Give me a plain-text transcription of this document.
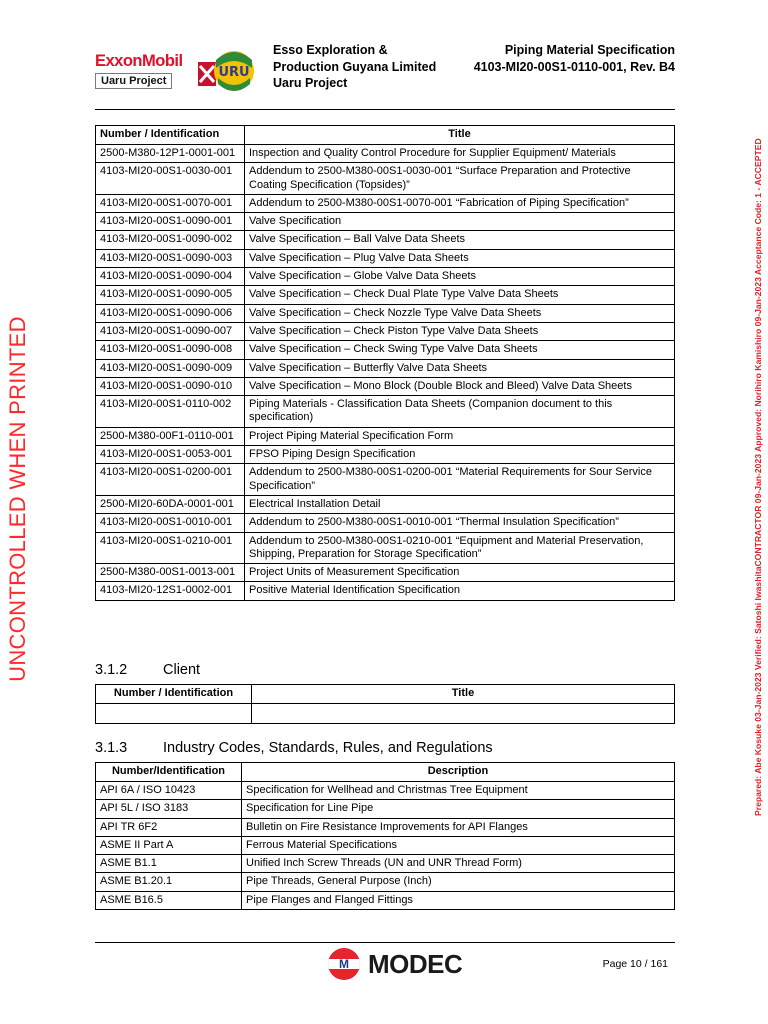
ExxonMobil
Uaru Project
URU
Esso Exploration &
Production Guyana Limited
Uaru Project
Piping Material Specification
4103-MI20-00S1-0110-001, Rev. B4
Number / Identification	Title
2500-M380-12P1-0001-001	Inspection and Quality Control Procedure for Supplier Equipment/ Materials
4103-MI20-00S1-0030-001	Addendum to 2500-M380-00S1-0030-001 “Surface Preparation and Protective Coating Specification (Topsides)”
4103-MI20-00S1-0070-001	Addendum to 2500-M380-00S1-0070-001 “Fabrication of Piping Specification”
4103-MI20-00S1-0090-001	Valve Specification
4103-MI20-00S1-0090-002	Valve Specification – Ball Valve Data Sheets
4103-MI20-00S1-0090-003	Valve Specification – Plug Valve Data Sheets
4103-MI20-00S1-0090-004	Valve Specification – Globe Valve Data Sheets
4103-MI20-00S1-0090-005	Valve Specification – Check Dual Plate Type Valve Data Sheets
4103-MI20-00S1-0090-006	Valve Specification – Check Nozzle Type Valve Data Sheets
4103-MI20-00S1-0090-007	Valve Specification – Check Piston Type Valve Data Sheets
4103-MI20-00S1-0090-008	Valve Specification – Check Swing Type Valve Data Sheets
4103-MI20-00S1-0090-009	Valve Specification – Butterfly Valve Data Sheets
4103-MI20-00S1-0090-010	Valve Specification – Mono Block (Double Block and Bleed) Valve Data Sheets
4103-MI20-00S1-0110-002	Piping Materials - Classification Data Sheets (Companion document to this specification)
2500-M380-00F1-0110-001	Project Piping Material Specification Form
4103-MI20-00S1-0053-001	FPSO Piping Design Specification
4103-MI20-00S1-0200-001	Addendum to 2500-M380-00S1-0200-001 “Material Requirements for Sour Service Specification”
2500-MI20-60DA-0001-001	Electrical Installation Detail
4103-MI20-00S1-0010-001	Addendum to 2500-M380-00S1-0010-001 “Thermal Insulation Specification”
4103-MI20-00S1-0210-001	Addendum to 2500-M380-00S1-0210-001 “Equipment and Material Preservation, Shipping, Preparation for Storage Specification”
2500-M380-00S1-0013-001	Project Units of Measurement Specification
4103-MI20-12S1-0002-001	Positive Material Identification Specification
3.1.2 Client
Number / Identification	Title

3.1.3 Industry Codes, Standards, Rules, and Regulations
Number/Identification	Description
API 6A / ISO 10423	Specification for Wellhead and Christmas Tree Equipment
API 5L / ISO 3183	Specification for Line Pipe
API TR 6F2	Bulletin on Fire Resistance Improvements for API Flanges
ASME II Part A	Ferrous Material Specifications
ASME B1.1	Unified Inch Screw Threads (UN and UNR Thread Form)
ASME B1.20.1	Pipe Threads, General Purpose (Inch)
ASME B16.5	Pipe Flanges and Flanged Fittings
UNCONTROLLED WHEN PRINTED	Prepared: Abe Kosuke 03-Jan-2023 Verified: Satoshi IwashitaCONTRACTOR 09-Jan-2023 Approved: Norihiro Kamishiro 09-Jan-2023 Acceptance Code: 1 - ACCEPTED
M MODEC	Page 10 / 161
